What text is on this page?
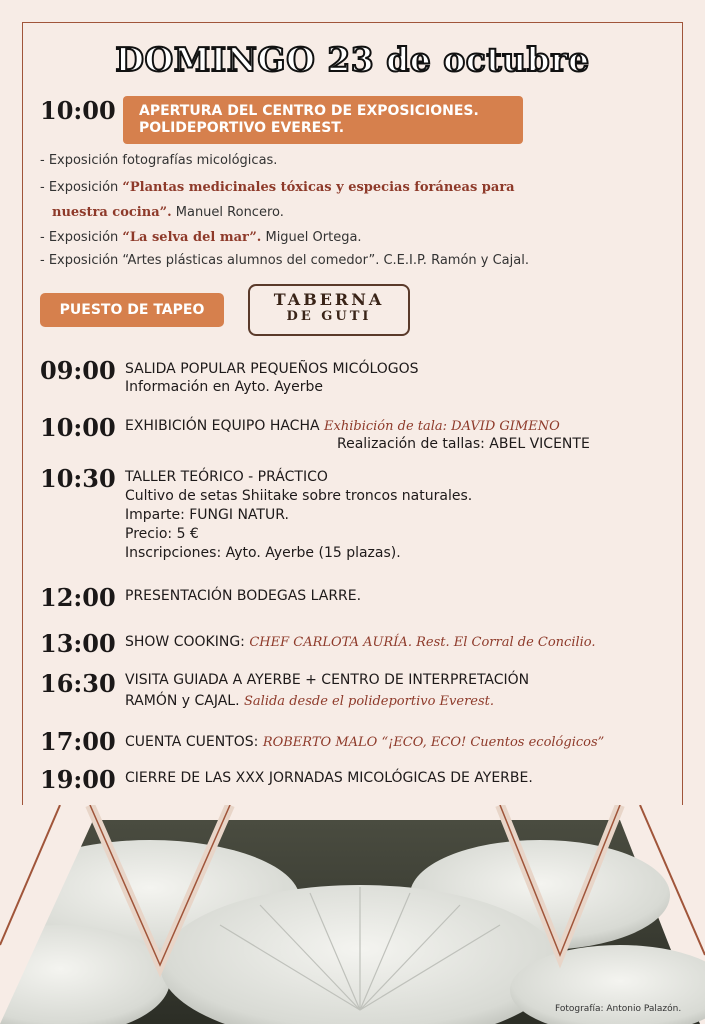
DOMINGO 23 de octubre
10:00 APERTURA DEL CENTRO DE EXPOSICIONES.
POLIDEPORTIVO EVEREST.
- Exposición fotografías micológicas.
- Exposición “Plantas medicinales tóxicas y especias foráneas para
nuestra cocina”. Manuel Roncero.
- Exposición “La selva del mar”. Miguel Ortega.
- Exposición “Artes plásticas alumnos del comedor”. C.E.I.P. Ramón y Cajal.
PUESTO DE TAPEO
TABERNA
DE GUTI
09:00 SALIDA POPULAR PEQUEÑOS MICÓLOGOS
Información en Ayto. Ayerbe
10:00 EXHIBICIÓN EQUIPO HACHA Exhibición de tala: DAVID GIMENO
Realización de tallas: ABEL VICENTE
10:30 TALLER TEÓRICO - PRÁCTICO
Cultivo de setas Shiitake sobre troncos naturales.
Imparte: FUNGI NATUR.
Precio: 5 €
Inscripciones: Ayto. Ayerbe (15 plazas).
12:00 PRESENTACIÓN BODEGAS LARRE.
13:00 SHOW COOKING: CHEF CARLOTA AURÍA. Rest. El Corral de Concilio.
16:30 VISITA GUIADA A AYERBE + CENTRO DE INTERPRETACIÓN
RAMÓN y CAJAL. Salida desde el polideportivo Everest.
17:00 CUENTA CUENTOS: ROBERTO MALO “¡ECO, ECO! Cuentos ecológicos”
19:00 CIERRE DE LAS XXX JORNADAS MICOLÓGICAS DE AYERBE.
Fotografía: Antonio Palazón.
